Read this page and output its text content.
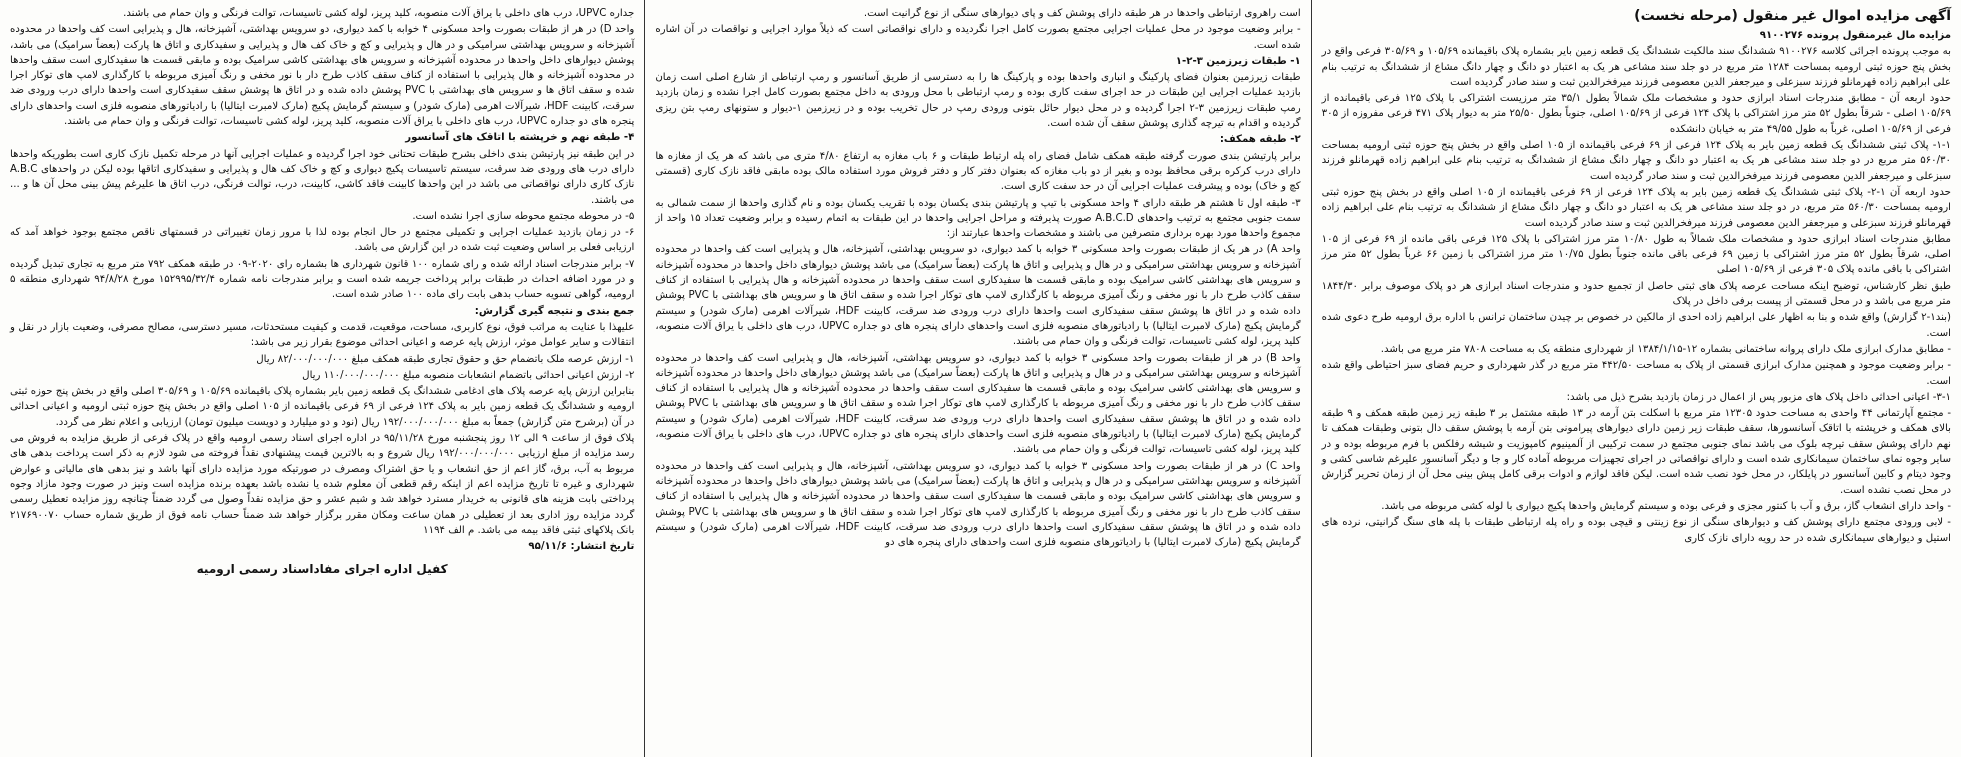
آگهی مزایده اموال غیر منقول (مرحله نخست)

مزایده مال غیرمنقول پرونده ۹۱۰۰۲۷۶

به موجب پرونده اجرائی کلاسه ۹۱۰۰۲۷۶ ششدانگ سند مالکیت ششدانگ یک قطعه زمین بایر بشماره پلاک باقیمانده ۱۰۵/۶۹ و ۳۰۵/۶۹ فرعی واقع در بخش پنج حوزه ثبتی ارومیه بمساحت ۱۲۸۴ متر مربع در دو جلد سند مشاعی هر یک به اعتبار دو دانگ و چهار دانگ مشاع از ششدانگ به ترتیب بنام علی ابراهیم زاده قهرمانلو فرزند سبزعلی و میرجعفر الدین معصومی فرزند میرفخرالدین ثبت و سند صادر گردیده است

حدود اربعه آن - مطابق مندرجات اسناد ابرازی حدود و مشخصات ملک شمالاً بطول ۳۵/۱ متر مرزیست اشتراکی با پلاک ۱۲۵ فرعی باقیمانده از ۱۰۵/۶۹ اصلی - شرقاً بطول ۵۲ متر مرز اشتراکی با پلاک ۱۲۴ فرعی از ۱۰۵/۶۹ اصلی، جنوباً بطول ۲۵/۵۰ متر به دیوار پلاک ۴۷۱ فرعی مفروزه از ۳۰۵ فرعی از ۱۰۵/۶۹ اصلی، غرباً به طول ۴۹/۵۵ متر به خیابان دانشکده

۱-۱- پلاک ثبتی ششدانگ یک قطعه زمین بایر به پلاک ۱۲۴ فرعی از ۶۹ فرعی باقیمانده از ۱۰۵ اصلی واقع در بخش پنج حوزه ثبتی ارومیه بمساحت ۵۶۰/۳۰ متر مربع در دو جلد سند مشاعی هر یک به اعتبار دو دانگ و چهار دانگ مشاع از ششدانگ به ترتیب بنام علی ابراهیم زاده قهرمانلو فرزند سبزعلی و میرجعفر الدین معصومی فرزند میرفخرالدین ثبت و سند صادر گردیده است

حدود اربعه آن ۱-۲- پلاک ثبتی ششدانگ یک قطعه زمین بایر به پلاک ۱۲۴ فرعی از ۶۹ فرعی باقیمانده از ۱۰۵ اصلی واقع در بخش پنج حوزه ثبتی ارومیه بمساحت ۵۶۰/۳۰ متر مربع، در دو جلد سند مشاعی هر یک به اعتبار دو دانگ و چهار دانگ مشاع از ششدانگ به ترتیب بنام علی ابراهیم زاده قهرمانلو فرزند سبزعلی و میرجعفر الدین معصومی فرزند میرفخرالدین ثبت و سند صادر گردیده است

مطابق مندرجات اسناد ابرازی حدود و مشخصات ملک شمالاً به طول ۱۰/۸۰ متر مرز اشتراکی با پلاک ۱۲۵ فرعی باقی مانده از ۶۹ فرعی از ۱۰۵ اصلی، شرقاً بطول ۵۲ متر مرز اشتراکی با زمین ۶۹ فرعی باقی مانده جنوباً بطول ۱۰/۷۵ متر مرز اشتراکی با زمین ۶۶ غرباً بطول ۵۲ متر مرز اشتراکی با باقی مانده پلاک ۳۰۵ فرعی از ۱۰۵/۶۹ اصلی

طبق نظر کارشناس، توضیح اینکه مساحت عرصه پلاک های ثبتی حاصل از تجمیع حدود و مندرجات اسناد ابرازی هر دو پلاک موصوف برابر ۱۸۴۴/۳۰ متر مربع می باشد و در محل قسمتی از پیست برفی داخل در پلاک

(بند۱-۲ گزارش) واقع شده و بنا به اظهار علی ابراهیم زاده احدی از مالکین در خصوص بر چیدن ساختمان ترانس با اداره برق ارومیه طرح دعوی شده است.

- مطابق مدارک ابرازی ملک دارای پروانه ساختمانی بشماره ۱۲-۱۳۸۴/۱/۱۵ از شهرداری منطقه یک به مساحت ۷۸۰۸ متر مربع می باشد.

- برابر وضعیت موجود و همچنین مدارک ابرازی قسمتی از پلاک به مساحت ۴۴۲/۵۰ متر مربع در گذر شهرداری و حریم فضای سبز احتیاطی واقع شده است.

۳-۱- اعیانی احداثی داخل پلاک های مزبور پس از اعمال در زمان بازدید بشرح ذیل می باشد:

- مجتمع آپارتمانی ۴۴ واحدی به مساحت حدود ۱۲۳۰۵ متر مربع با اسکلت بتن آرمه در ۱۳ طبقه مشتمل بر ۳ طبقه زیر زمین طبقه همکف و ۹ طبقه بالای همکف و خرپشته با اتاقک آسانسورها، سقف طبقات زیر زمین دارای دیوارهای پیرامونی بتن آرمه با پوشش سقف دال بتونی وطبقات همکف تا نهم دارای پوشش سقف تیرچه بلوک می باشد نمای جنوبی مجتمع در سمت ترکیبی از آلمینیوم کامپوزیت و شیشه رفلکس با فرم مربوطه بوده و در سایر وجوه نمای ساختمان سیمانکاری شده است و دارای نواقصاتی در اجرای تجهیزات مربوطه آماده کار و جا و دیگر آسانسور علیرغم شاسی کشی و وجود دیتام و کابین آسانسور در پایلکار، در محل خود نصب شده است. لیکن فاقد لوازم و ادوات برقی کامل پیش بینی محل آن از زمان تحریر گزارش در محل نصب نشده است.

- واحد دارای انشعاب گاز، برق و آب با کنتور مجزی و فرعی بوده و سیستم گرمایش واحدها پکیج دیواری با لوله کشی مربوطه می باشد.

- لابی ورودی مجتمع دارای پوشش کف و دیوارهای سنگی از نوع زینتی و قیچی بوده و راه پله ارتباطی طبقات با پله های سنگ گرانیتی، نرده های استیل و دیوارهای سیمانکاری شده در حد رویه دارای نازک کاری

است راهروی ارتباطی واحدها در هر طبقه دارای پوشش کف و پای دیوارهای سنگی از نوع گرانیت است.

- برابر وضعیت موجود در محل عملیات اجرایی مجتمع بصورت کامل اجرا نگردیده و دارای نواقصاتی است که ذیلاً موارد اجرایی و نواقصات در آن اشاره شده است.

۱- طبقات زیرزمین ۳-۲-۱

طبقات زیرزمین بعنوان فضای پارکینگ و انباری واحدها بوده و پارکینگ ها را به دسترسی از طریق آسانسور و رمپ ارتباطی از شارع اصلی است زمان بازدید عملیات اجرایی این طبقات در حد اجرای سفت کاری بوده و رمپ ارتباطی با محل ورودی به داخل مجتمع بصورت کامل اجرا نشده و زمان بازدید رمپ طبقات زیرزمین ۳-۲ اجرا گردیده و در محل دیوار حائل بتونی ورودی رمپ در حال تخریب بوده و در زیرزمین ۱-دیوار و ستونهای رمپ بتن ریزی گردیده و اقدام به تیرچه گذاری پوشش سقف آن شده است.

۲- طبقه همکف:

برابر پارتیشن بندی صورت گرفته طبقه همکف شامل فضای راه پله ارتباط طبقات و ۶ باب مغازه به ارتفاع ۴/۸۰ متری می باشد که هر یک از مغازه ها دارای درب کرکره برقی محافظ بوده و بغیر از دو باب مغازه که بعنوان دفتر کار و دفتر فروش مورد استفاده مالک بوده مابقی فاقد نازک کاری (قسمتی کچ و خاک) بوده و پیشرفت عملیات اجرایی آن در حد سفت کاری است.

۳- طبقه اول تا هشتم هر طبقه دارای ۴ واحد مسکونی با تیپ و پارتیشن بندی یکسان بوده با تقریب یکسان بوده و نام گذاری واحدها از سمت شمالی به سمت جنوبی مجتمع به ترتیب واحدهای A.B.C.D صورت پذیرفته و مراحل اجرایی واحدها در این طبقات به اتمام رسیده و برابر وضعیت تعداد ۱۵ واحد از مجموع واحدها مورد بهره برداری متصرفین می باشند و مشخصات واحدها عبارتند از:

واحد A) در هر یک از طبقات بصورت واحد مسکونی ۳ خوابه با کمد دیواری، دو سرویس بهداشتی، آشپزخانه، هال و پذیرایی است کف واحدها در محدوده آشپزخانه و سرویس بهداشتی سرامیکی و در هال و پذیرایی و اتاق ها پارکت (بعضاً سرامیک) می باشد پوشش دیوارهای داخل واحدها در محدوده آشپزخانه و سرویس های بهداشتی کاشی سرامیک بوده و مابقی قسمت ها سفیدکاری است سقف واحدها در محدوده آشپزخانه و هال پذیرایی با استفاده از کناف سقف کاذب طرح دار با نور مخفی و رنگ آمیزی مربوطه با کارگذاری لامپ های توکار اجرا شده و سقف اتاق ها و سرویس های بهداشتی با PVC پوشش داده شده و در اتاق ها پوشش سقف سفیدکاری است واحدها دارای درب ورودی ضد سرقت، کابینت HDF، شیرآلات اهرمی (مارک شودر) و سیستم گرمایش پکیج (مارک لامبرت ایتالیا) با رادیاتورهای منصوبه فلزی است واحدهای دارای پنجره های دو جداره UPVC، درب های داخلی با یراق آلات منصوبه، کلید پریز، لوله کشی تاسیسات، توالت فرنگی و وان حمام می باشند.

واحد B) در هر از طبقات بصورت واحد مسکونی ۳ خوابه با کمد دیواری، دو سرویس بهداشتی، آشپزخانه، هال و پذیرایی است کف واحدها در محدوده آشپزخانه و سرویس بهداشتی سرامیکی و در هال و پذیرایی و اتاق ها پارکت (بعضاً سرامیک) می باشد پوشش دیوارهای داخل واحدها در محدوده آشپزخانه و سرویس های بهداشتی کاشی سرامیک بوده و مابقی قسمت ها سفیدکاری است سقف واحدها در محدوده آشپزخانه و هال پذیرایی با استفاده از کناف سقف کاذب طرح دار با نور مخفی و رنگ آمیزی مربوطه با کارگذاری لامپ های توکار اجرا شده و سقف اتاق ها و سرویس های بهداشتی با PVC پوشش داده شده و در اتاق ها پوشش سقف سفیدکاری است واحدها دارای درب ورودی ضد سرقت، کابینت HDF، شیرآلات اهرمی (مارک شودر) و سیستم گرمایش پکیج (مارک لامبرت ایتالیا) با رادیاتورهای منصوبه فلزی است واحدهای دارای پنجره های دو جداره UPVC، درب های داخلی با یراق آلات منصوبه، کلید پریز، لوله کشی تاسیسات، توالت فرنگی و وان حمام می باشند.

واحد C) در هر از طبقات بصورت واحد مسکونی ۳ خوابه با کمد دیواری، دو سرویس بهداشتی، آشپزخانه، هال و پذیرایی است کف واحدها در محدوده آشپزخانه و سرویس بهداشتی سرامیکی و در هال و پذیرایی و اتاق ها پارکت (بعضاً سرامیک) می باشد پوشش دیوارهای داخل واحدها در محدوده آشپزخانه و سرویس های بهداشتی کاشی سرامیک بوده و مابقی قسمت ها سفیدکاری است سقف واحدها در محدوده آشپزخانه و هال پذیرایی با استفاده از کناف سقف کاذب طرح دار با نور مخفی و رنگ آمیزی مربوطه با کارگذاری لامپ های توکار اجرا شده و سقف اتاق ها و سرویس های بهداشتی با PVC پوشش داده شده و در اتاق ها پوشش سقف سفیدکاری است واحدها دارای درب ورودی ضد سرقت، کابینت HDF، شیرآلات اهرمی (مارک شودر) و سیستم گرمایش پکیج (مارک لامبرت ایتالیا) با رادیاتورهای منصوبه فلزی است واحدهای دارای پنجره های دو

جداره UPVC، درب های داخلی با یراق آلات منصوبه، کلید پریز، لوله کشی تاسیسات، توالت فرنگی و وان حمام می باشند.

واحد D) در هر از طبقات بصورت واحد مسکونی ۴ خوابه با کمد دیواری، دو سرویس بهداشتی، آشپزخانه، هال و پذیرایی است کف واحدها در محدوده آشپزخانه و سرویس بهداشتی سرامیکی و در هال و پذیرایی و کچ و خاک کف هال و پذیرایی و سفیدکاری و اتاق ها پارکت (بعضاً سرامیک) می باشد، پوشش دیوارهای داخل واحدها در محدوده آشپزخانه و سرویس های بهداشتی کاشی سرامیک بوده و مابقی قسمت ها سفیدکاری است سقف واحدها در محدوده آشپزخانه و هال پذیرایی با استفاده از کناف سقف کاذب طرح دار با نور مخفی و رنگ آمیزی مربوطه با کارگذاری لامپ های توکار اجرا شده و سقف اتاق ها و سرویس های بهداشتی با PVC پوشش داده شده و در اتاق ها پوشش سقف سفیدکاری است واحدها دارای درب ورودی ضد سرقت، کابینت HDF، شیرآلات اهرمی (مارک شودر) و سیستم گرمایش پکیج (مارک لامبرت ایتالیا) با رادیاتورهای منصوبه فلزی است واحدهای دارای پنجره های دو جداره UPVC، درب های داخلی با یراق آلات منصوبه، کلید پریز، لوله کشی تاسیسات، توالت فرنگی و وان حمام می باشند.

۴- طبقه نهم و خرپشته با اتاقک های آسانسور

در این طبقه نیز پارتیشن بندی داخلی بشرح طبقات تحتانی خود اجرا گردیده و عملیات اجرایی آنها در مرحله تکمیل نازک کاری است بطوریکه واحدها دارای درب های ورودی ضد سرقت، سیستم تاسیسات پکیج دیواری و کچ و خاک کف هال و پذیرایی و سفیدکاری اتاقها بوده لیکن در واحدهای A.B.C نازک کاری دارای نواقصاتی می باشد در این واحدها کابینت فاقد کاشی، کابینت، درب، توالت فرنگی، درب اتاق ها علیرغم پیش بینی محل آن ها و ... می باشند.

۵- در محوطه مجتمع محوطه سازی اجرا نشده است.

۶- در زمان بازدید عملیات اجرایی و تکمیلی مجتمع در حال انجام بوده لذا با مرور زمان تغییراتی در قسمتهای ناقص مجتمع بوجود خواهد آمد که ارزیابی فعلی بر اساس وضعیت ثبت شده در این گزارش می باشد.

۷- برابر مندرجات اسناد ارائه شده و رای شماره ۱۰۰ قانون شهرداری ها بشماره رای ۲۰۲۰-۰۹ در طبقه همکف ۷۹۲ متر مربع به تجاری تبدیل گردیده و در مورد اضافه احداث در طبقات برابر پرداخت جریمه شده است و برابر مندرجات نامه شماره ۱۵۲۹۹۵/۳۲/۴ مورخ ۹۴/۸/۲۸ شهرداری منطقه ۵ ارومیه، گواهی تسویه حساب بدهی بابت رای ماده ۱۰۰ صادر شده است.

جمع بندی و نتیجه گیری گزارش:

علیهذا با عنایت به مراتب فوق، نوع کاربری، مساحت، موقعیت، قدمت و کیفیت مستحدثات، مسیر دسترسی، مصالح مصرفی، وضعیت بازار در نقل و انتقالات و سایر عوامل موثر، ارزش پایه عرصه و اعیانی احداثی موضوع بقرار زیر می باشد:

۱- ارزش عرصه ملک باتضمام حق و حقوق تجاری طبقه همکف مبلغ ۸۲/۰۰۰/۰۰۰/۰۰۰ ریال

۲- ارزش اعیانی احداثی باتضمام انشعابات منصوبه مبلغ ۱۱۰/۰۰۰/۰۰۰/۰۰۰ ریال

بنابراین ارزش پایه عرصه پلاک های ادغامی ششدانگ یک قطعه زمین بایر بشماره پلاک باقیمانده ۱۰۵/۶۹ و ۳۰۵/۶۹ اصلی واقع در بخش پنج حوزه ثبتی ارومیه و ششدانگ یک قطعه زمین بایر به پلاک ۱۲۴ فرعی از ۶۹ فرعی باقیمانده از ۱۰۵ اصلی واقع در بخش پنج حوزه ثبتی ارومیه و اعیانی احداثی در آن (برشرح متن گزارش) جمعاً به مبلغ ۱۹۲/۰۰۰/۰۰۰/۰۰۰ ریال (نود و دو میلیارد و دویست میلیون تومان) ارزیابی و اعلام نظر می گردد.

پلاک فوق از ساعت ۹ الی ۱۲ روز پنجشنبه مورخ ۹۵/۱۱/۲۸ در اداره اجرای اسناد رسمی ارومیه واقع در پلاک فرعی از طریق مزایده به فروش می رسد مزایده از مبلغ ارزیابی ۱۹۲/۰۰۰/۰۰۰/۰۰۰ ریال شروع و به بالاترین قیمت پیشنهادی نقداً فروخته می شود لازم به ذکر است پرداخت بدهی های مربوط به آب، برق، گاز اعم از حق انشعاب و یا حق اشتراک ومصرف در صورتیکه مورد مزایده دارای آنها باشد و نیز بدهی های مالیاتی و عوارض شهرداری و غیره تا تاریخ مزایده اعم از اینکه رقم قطعی آن معلوم شده یا نشده باشد بعهده برنده مزایده است ونیز در صورت وجود مازاد وجوه پرداختی بابت هزینه های قانونی به خریدار مسترد خواهد شد و شیم عشر و حق مزایده نقداً وصول می گردد ضمناً چنانچه روز مزایده تعطیل رسمی گردد مزایده روز اداری بعد از تعطیلی در همان ساعت ومکان مقرر برگزار خواهد شد ضمناً حساب نامه فوق از طریق شماره حساب ۲۱۷۶۹۰۰۷۰ بانک پلاکهای ثبتی فاقد بیمه می باشد. م الف ۱۱۹۴

تاریخ انتشار: ۹۵/۱۱/۶

کفیل اداره اجرای مفاداسناد رسمی ارومیه
